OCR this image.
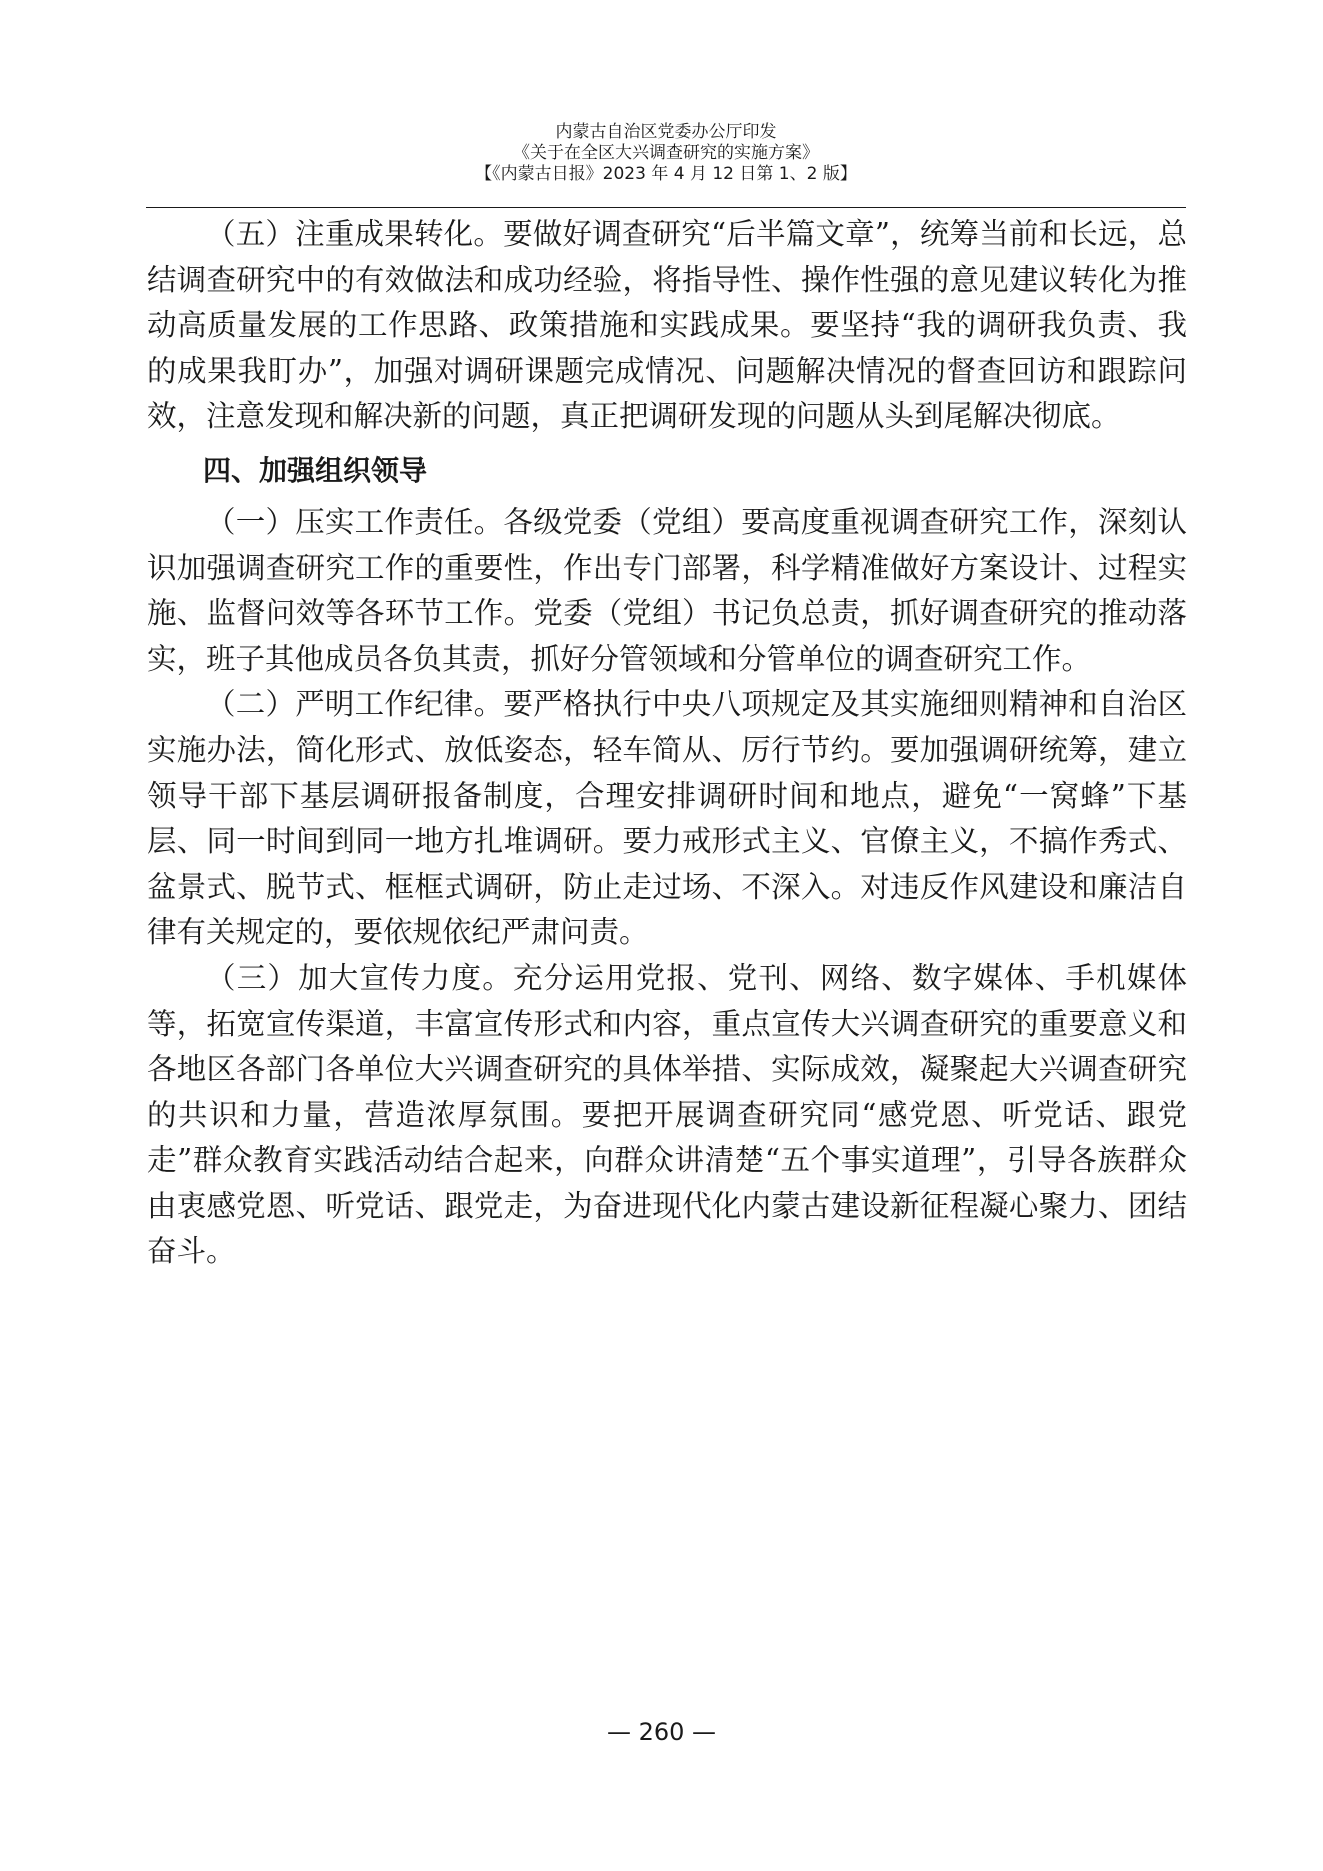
内蒙古自治区党委办公厅印发
《关于在全区大兴调查研究的实施方案》
【《内蒙古日报》2023 年 4 月 12 日第 1、2 版】

（五）注重成果转化。要做好调查研究“后半篇文章”，统筹当前和长远，总结调查研究中的有效做法和成功经验，将指导性、操作性强的意见建议转化为推动高质量发展的工作思路、政策措施和实践成果。要坚持“我的调研我负责、我的成果我盯办”，加强对调研课题完成情况、问题解决情况的督查回访和跟踪问效，注意发现和解决新的问题，真正把调研发现的问题从头到尾解决彻底。

四、加强组织领导

（一）压实工作责任。各级党委（党组）要高度重视调查研究工作，深刻认识加强调查研究工作的重要性，作出专门部署，科学精准做好方案设计、过程实施、监督问效等各环节工作。党委（党组）书记负总责，抓好调查研究的推动落实，班子其他成员各负其责，抓好分管领域和分管单位的调查研究工作。

（二）严明工作纪律。要严格执行中央八项规定及其实施细则精神和自治区实施办法，简化形式、放低姿态，轻车简从、厉行节约。要加强调研统筹，建立领导干部下基层调研报备制度，合理安排调研时间和地点，避免“一窝蜂”下基层、同一时间到同一地方扎堆调研。要力戒形式主义、官僚主义，不搞作秀式、盆景式、脱节式、框框式调研，防止走过场、不深入。对违反作风建设和廉洁自律有关规定的，要依规依纪严肃问责。

（三）加大宣传力度。充分运用党报、党刊、网络、数字媒体、手机媒体等，拓宽宣传渠道，丰富宣传形式和内容，重点宣传大兴调查研究的重要意义和各地区各部门各单位大兴调查研究的具体举措、实际成效，凝聚起大兴调查研究的共识和力量，营造浓厚氛围。要把开展调查研究同“感党恩、听党话、跟党走”群众教育实践活动结合起来，向群众讲清楚“五个事实道理”，引导各族群众由衷感党恩、听党话、跟党走，为奋进现代化内蒙古建设新征程凝心聚力、团结奋斗。

— 260 —
